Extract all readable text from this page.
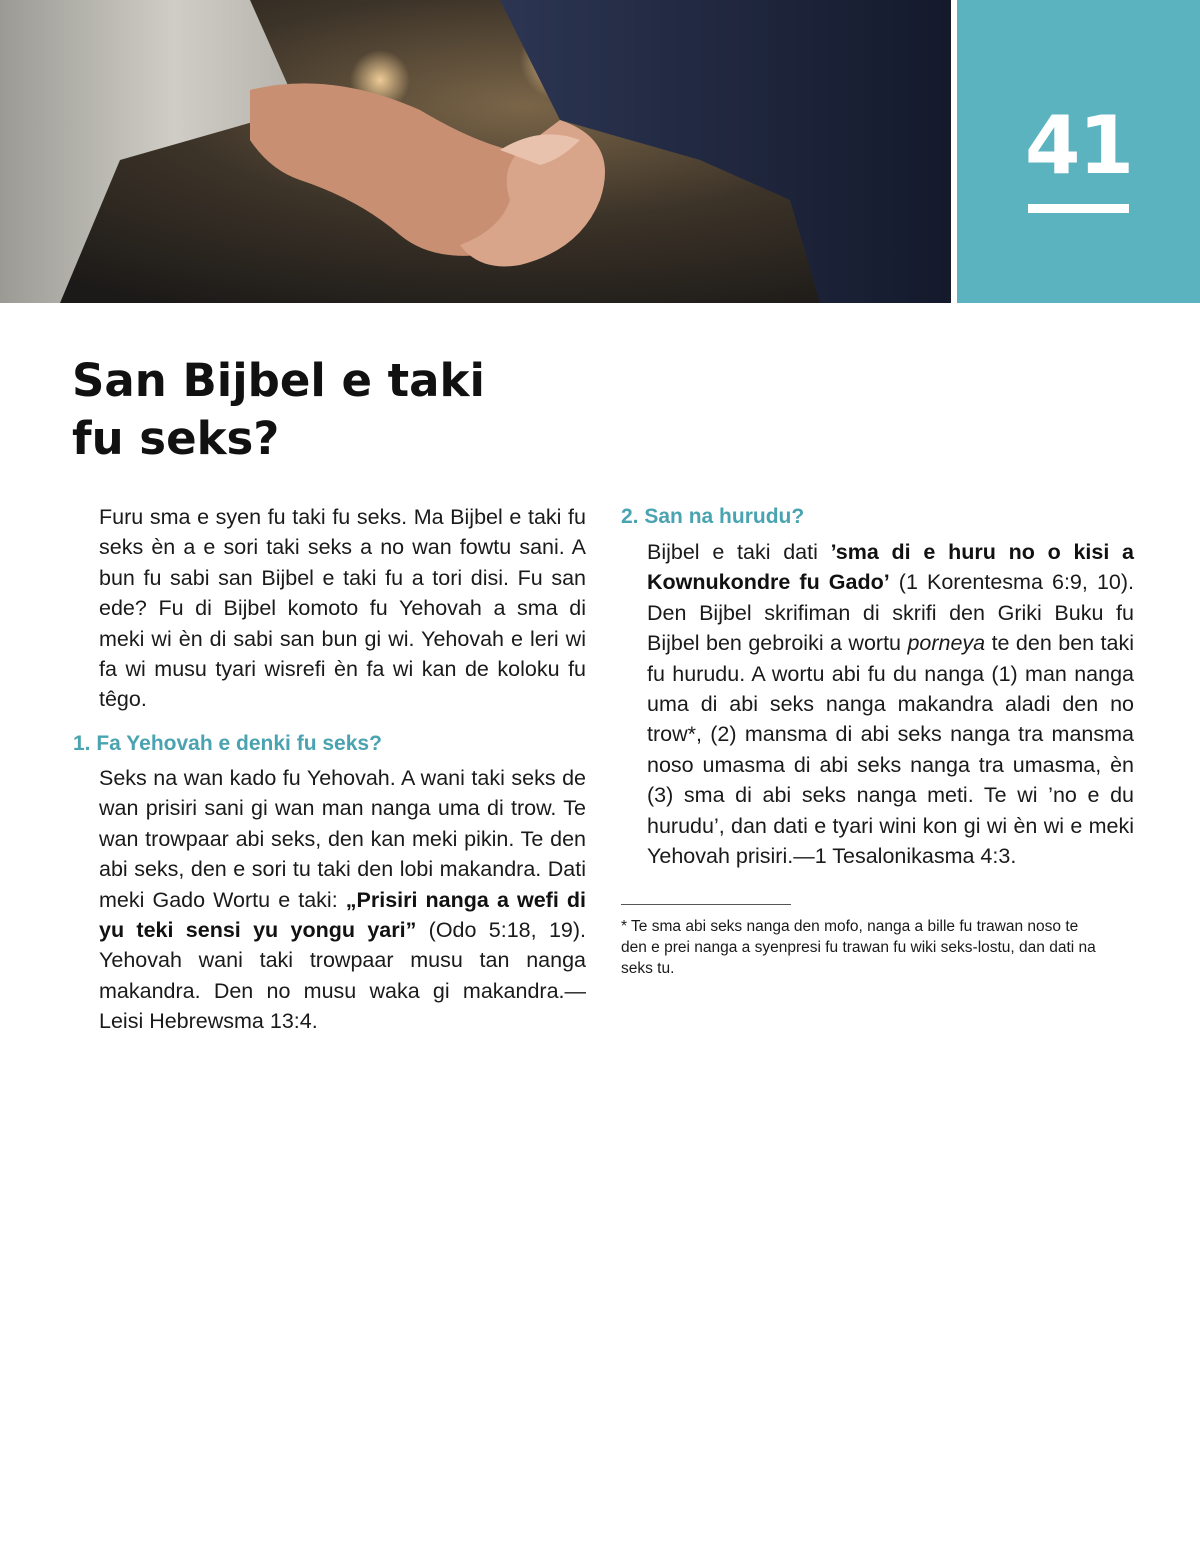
41
San Bijbel e taki
fu seks?

Furu sma e syen fu taki fu seks. Ma Bijbel e taki fu seks èn a e sori taki seks a no wan fowtu sani. A bun fu sabi san Bijbel e taki fu a tori disi. Fu san ede? Fu di Bijbel komoto fu Yehovah a sma di meki wi èn di sabi san bun gi wi. Yehovah e leri wi fa wi musu tyari wisrefi èn fa wi kan de koloku fu têgo.

1. Fa Yehovah e denki fu seks?

Seks na wan kado fu Yehovah. A wani taki seks de wan prisiri sani gi wan man nanga uma di trow. Te wan trowpaar abi seks, den kan meki pikin. Te den abi seks, den e sori tu taki den lobi makandra. Dati meki Gado Wortu e taki: „Prisiri nanga a wefi di yu teki sensi yu yongu yari” (Odo 5:18, 19). Yehovah wani taki trowpaar musu tan nanga makandra. Den no musu waka gi makandra.—Leisi Hebrewsma 13:4.

2. San na hurudu?

Bijbel e taki dati ’sma di e huru no o kisi a Kownukondre fu Gado’ (1 Korentesma 6:9, 10). Den Bijbel skrifiman di skrifi den Griki Buku fu Bijbel ben gebroiki a wortu porneya te den ben taki fu hurudu. A wortu abi fu du nanga (1) man nanga uma di abi seks nanga makandra aladi den no trow*, (2) mansma di abi seks nanga tra mansma noso umasma di abi seks nanga tra umasma, èn (3) sma di abi seks nanga meti. Te wi ’no e du hurudu’, dan dati e tyari wini kon gi wi èn wi e meki Yehovah prisiri.—1 Tesalonikasma 4:3.

* Te sma abi seks nanga den mofo, nanga a bille fu trawan noso te den e prei nanga a syenpresi fu trawan fu wiki seks-lostu, dan dati na seks tu.
